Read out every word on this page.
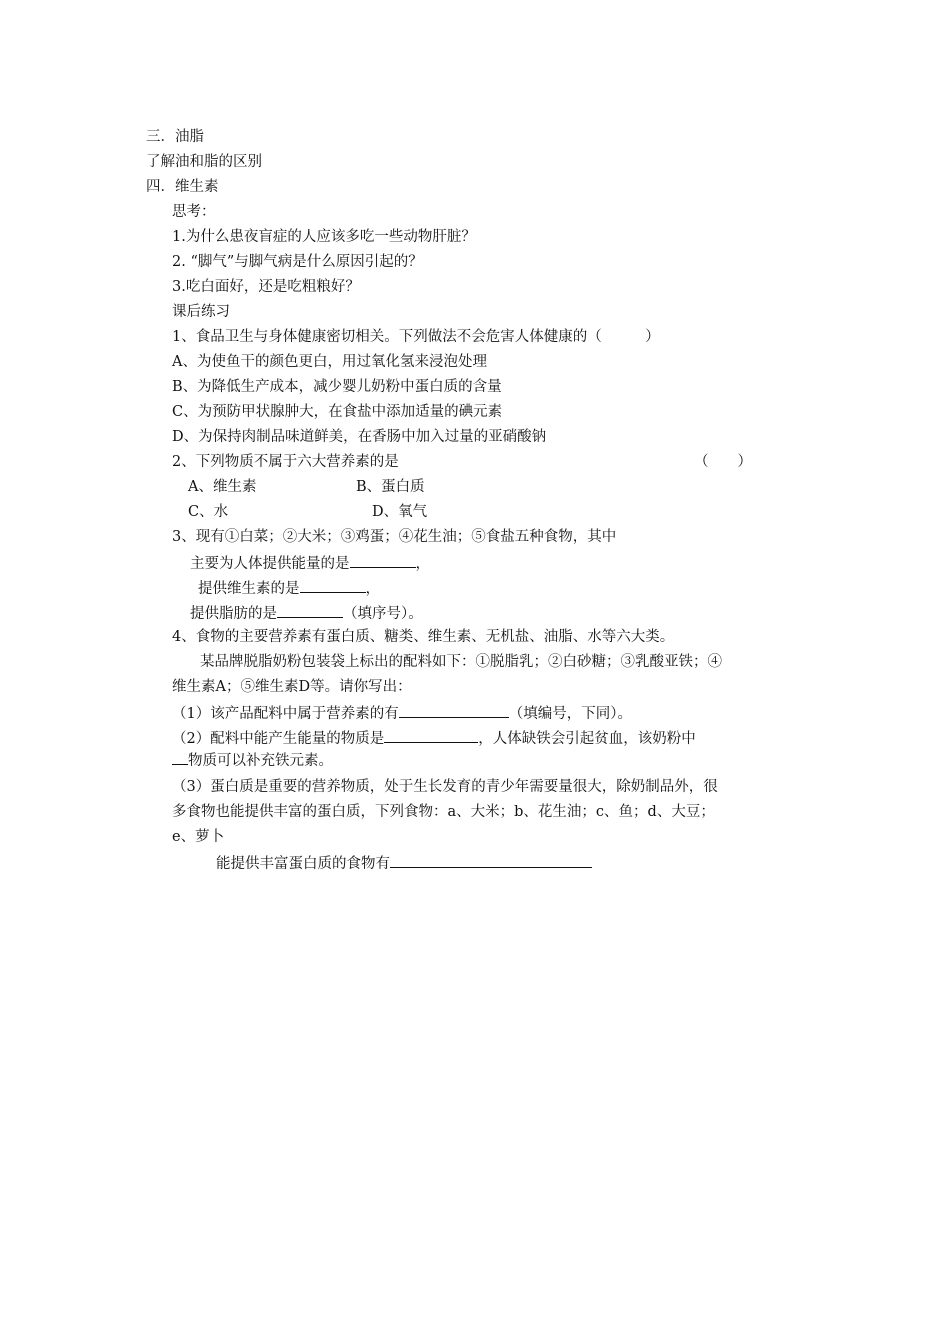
三．油脂
了解油和脂的区别
四．维生素
思考：
1.为什么患夜盲症的人应该多吃一些动物肝脏？
2. “脚气”与脚气病是什么原因引起的？
3.吃白面好，还是吃粗粮好？
课后练习
1、食品卫生与身体健康密切相关。下列做法不会危害人体健康的（　　　）
A、为使鱼干的颜色更白，用过氧化氢来浸泡处理
B、为降低生产成本，减少婴儿奶粉中蛋白质的含量
C、为预防甲状腺肿大，在食盐中添加适量的碘元素
D、为保持肉制品味道鲜美，在香肠中加入过量的亚硝酸钠
2、下列物质不属于六大营养素的是	（　　）
A、维生素	B、蛋白质
C、水	D、氧气
3、现有①白菜；②大米；③鸡蛋；④花生油；⑤食盐五种食物，其中
主要为人体提供能量的是	，
提供维生素的是	，
提供脂肪的是	（填序号）。
4、食物的主要营养素有蛋白质、糖类、维生素、无机盐、油脂、水等六大类。
某品牌脱脂奶粉包装袋上标出的配料如下：①脱脂乳；②白砂糖；③乳酸亚铁；④
维生素A；⑤维生素D等。请你写出：
（1）该产品配料中属于营养素的有	（填编号，下同）。
（2）配料中能产生能量的物质是	，人体缺铁会引起贫血，该奶粉中
物质可以补充铁元素。
（3）蛋白质是重要的营养物质，处于生长发育的青少年需要量很大，除奶制品外，很
多食物也能提供丰富的蛋白质，下列食物：a、大米；b、花生油；c、鱼；d、大豆；
e、萝卜
能提供丰富蛋白质的食物有
